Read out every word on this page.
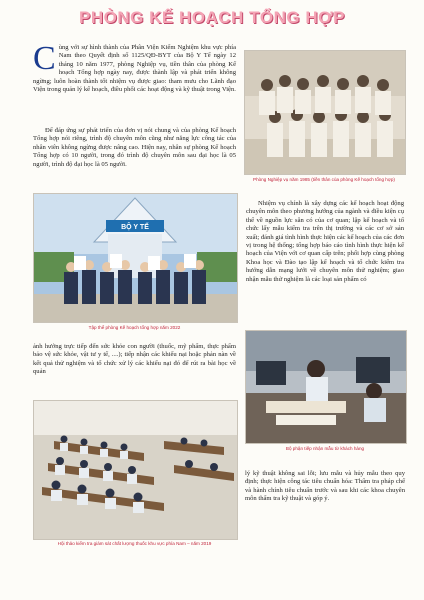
PHÒNG KẾ HOẠCH TỔNG HỢP
Cùng với sự hình thành của Phân Viện Kiểm Nghiệm khu vực phía Nam theo Quyết định số 1125/QĐ-BYT của Bộ Y Tế ngày 12 tháng 10 năm 1977, phòng Nghiệp vụ, tiền thân của phòng Kế hoạch Tổng hợp ngày nay, được thành lập và phát triển không ngừng; luôn hoàn thành tốt nhiệm vụ được giao: tham mưu cho Lãnh đạo Viện trong quản lý kế hoạch, điều phối các hoạt động và kỹ thuật trong Viện.
Để đáp ứng sự phát triển của đơn vị nói chung và của phòng Kế hoạch Tổng hợp nói riêng, trình độ chuyên môn cũng như năng lực công tác của nhân viên không ngừng được nâng cao. Hiện nay, nhân sự phòng Kế hoạch Tổng hợp có 10 người, trong đó trình độ chuyên môn sau đại học là 05 người, trình độ đại học là 05 người.
Phòng Nghiệp vụ năm 1985 (tiền thân của phòng Kế hoạch tổng hợp)
BỘ Y TẾ
Tập thể phòng Kế hoạch tổng hợp năm 2022
Nhiệm vụ chính là xây dựng các kế hoạch hoạt động chuyên môn theo phương hướng của ngành và điều kiện cụ thể về nguồn lực sẵn có của cơ quan; lập kế hoạch và tổ chức lấy mẫu kiểm tra trên thị trường và các cơ sở sản xuất; đánh giá tình hình thực hiện các kế hoạch của các đơn vị trong hệ thống; tổng hợp báo cáo tình hình thực hiện kế hoạch của Viện với cơ quan cấp trên; phối hợp cùng phòng Khoa học và Đào tạo lập kế hoạch và tổ chức kiểm tra hướng dẫn mạng lưới về chuyên môn thử nghiệm; giao nhận mẫu thử nghiệm là các loại sản phẩm có
ảnh hưởng trực tiếp đến sức khỏe con người (thuốc, mỹ phẩm, thực phẩm bảo vệ sức khỏe, vật tư y tế, ....); tiếp nhận các khiếu nại hoặc phản nàn về kết quả thử nghiệm và tổ chức xử lý các khiếu nại đó để rút ra bài học về quản
Bộ phận tiếp nhận mẫu từ khách hàng
Hội thảo kiểm tra giám sát chất lượng thuốc khu vực phía Nam – năm 2019
lý kỹ thuật không sai lỗi; lưu mẫu và hủy mẫu theo quy định; thực hiện công tác tiêu chuẩn hóa: Thẩm tra pháp chế và hành chính tiêu chuẩn trước và sau khi các khoa chuyên môn thẩm tra kỹ thuật và góp ý.
